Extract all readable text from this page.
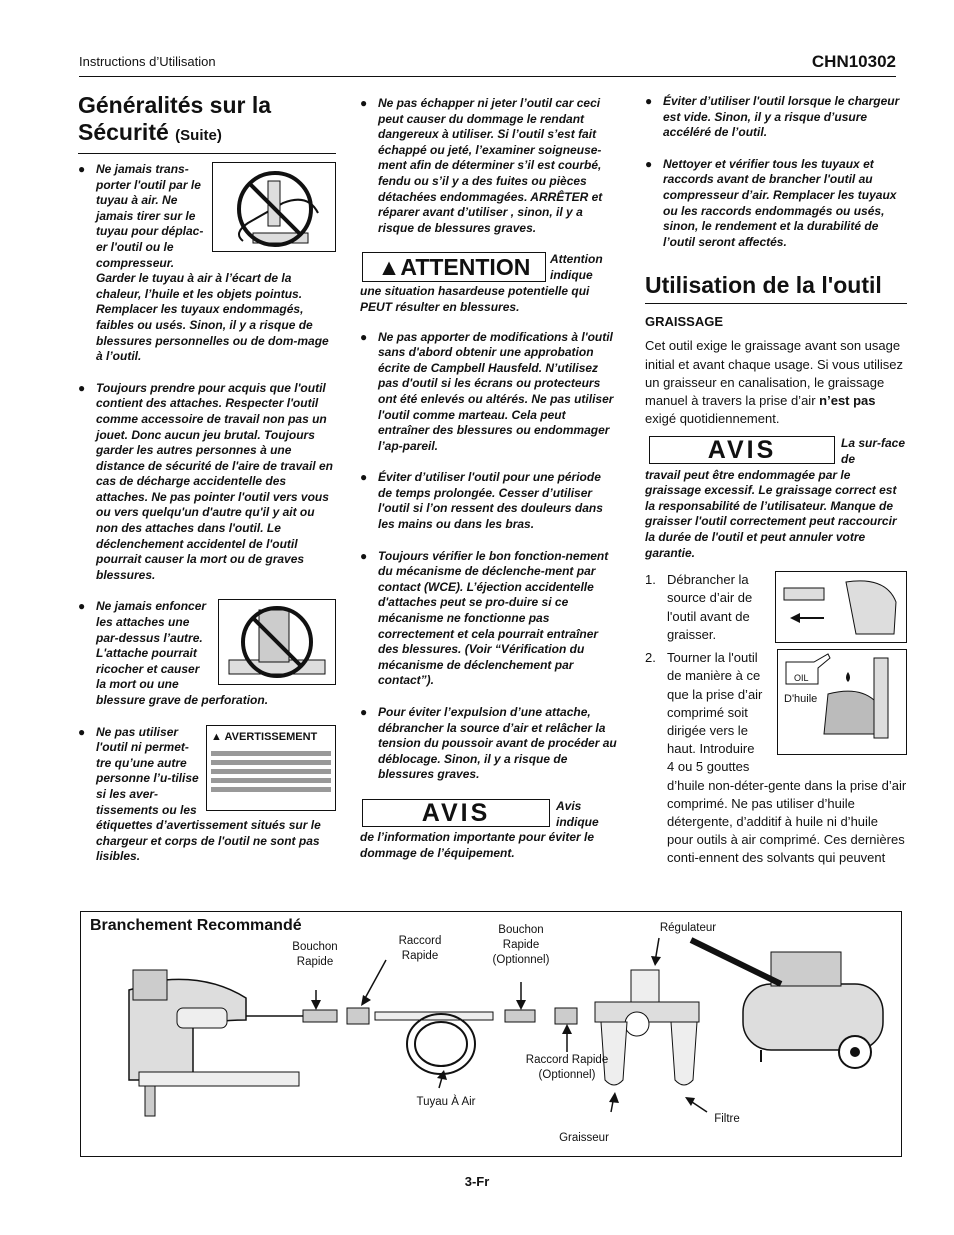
Instructions d’Utilisation	CHN10302
Généralités sur la Sécurité (Suite)
● Ne jamais trans-porter l'outil par le tuyau à air. Ne jamais tirer sur le tuyau pour déplac-er l'outil ou le compresseur. Garder le tuyau à air à l’écart de la chaleur, l’huile et les objets pointus. Remplacer les tuyaux endommagés, faibles ou usés. Sinon, il y a risque de blessures personnelles ou de dom-mage à l’outil.
● Toujours prendre pour acquis que l'outil contient des attaches. Respecter l'outil comme accessoire de travail non pas un jouet. Donc aucun jeu brutal. Toujours garder les autres personnes à une distance de sécurité de l'aire de travail en cas de décharge accidentelle des attaches. Ne pas pointer l'outil vers vous ou vers quelqu'un d'autre qu'il y ait ou non des attaches dans l'outil. Le déclenchement accidentel de l'outil pourrait causer la mort ou de graves blessures.
● Ne jamais enfoncer les attaches une par-dessus l’autre. L'attache pourrait ricocher et causer la mort ou une blessure grave de perforation.
● ▲ AVERTISSEMENT
Ne pas utiliser l'outil ni permet-tre qu’une autre personne l’u-tilise si les aver-tissements ou les étiquettes d’avertissement situés sur le chargeur et corps de l'outil ne sont pas lisibles.
● Ne pas échapper ni jeter l’outil car ceci peut causer du dommage le rendant dangereux à utiliser. Si l’outil s’est fait échappé ou jeté, l’examiner soigneuse-ment afin de déterminer s’il est courbé, fendu ou s’il y a des fuites ou pièces détachées endommagées. ARRÊTER et réparer avant d’utiliser , sinon, il y a risque de blessures graves.
▲ATTENTION	Attention indique
une situation hasardeuse potentielle qui PEUT résulter en blessures.
● Ne pas apporter de modifications à l'outil sans d'abord obtenir une approbation écrite de Campbell Hausfeld. N’utilisez pas d'outil si les écrans ou protecteurs ont été enlevés ou altérés. Ne pas utiliser l'outil comme marteau. Cela peut entraîner des blessures ou endommager l’ap-pareil.
● Éviter d’utiliser l'outil pour une période de temps prolongée. Cesser d’utiliser l'outil si l’on ressent des douleurs dans les mains ou dans les bras.
● Toujours vérifier le bon fonction-nement du mécanisme de déclenche-ment par contact (WCE). L’éjection accidentelle d'attaches peut se pro-duire si ce mécanisme ne fonctionne pas correctement et cela pourrait entraîner des blessures. (Voir “Vérification du mécanisme de déclenchement par contact”).
● Pour éviter l’expulsion d’une attache, débrancher la source d’air et relâcher la tension du poussoir avant de procéder au déblocage. Sinon, il y a risque de blessures graves.
AVIS	Avis indique
de l’information importante pour éviter le dommage de l’équipement.
● Éviter d’utiliser l'outil lorsque le chargeur est vide. Sinon, il y a risque d’usure accéléré de l’outil.
● Nettoyer et vérifier tous les tuyaux et raccords avant de brancher l'outil au compresseur d’air. Remplacer les tuyaux ou les raccords endommagés ou usés, sinon, le rendement et la durabilité de l’outil seront affectés.
Utilisation de la l'outil
GRAISSAGE
Cet outil exige le graissage avant son usage initial et avant chaque usage. Si vous utilisez un graisseur en canalisation, le graissage manuel à travers la prise d’air n’est pas exigé quotidiennement.
AVIS	La sur-face de
travail peut être endommagée par le graissage excessif. Le graissage correct est la responsabilité de l’utilisateur. Manque de graisser l'outil correctement peut raccourcir la durée de l'outil et peut annuler votre garantie.
1. Débrancher la source d’air de l'outil avant de graisser.
2.
OIL
D'huile
Tourner la l'outil de manière à ce que la prise d’air comprimé soit dirigée vers le haut. Introduire
4 ou 5 gouttes d’huile non-déter-gente dans la prise d’air comprimé. Ne pas utiliser d’huile détergente, d’additif à huile ni d’huile pour outils à air comprimé. Ces dernières conti-ennent des solvants qui peuvent
Branchement Recommandé
Bouchon Rapide
Raccord Rapide
Bouchon Rapide (Optionnel)
Régulateur
Raccord Rapide (Optionnel)
Tuyau À Air
Graisseur
Filtre
3-Fr
